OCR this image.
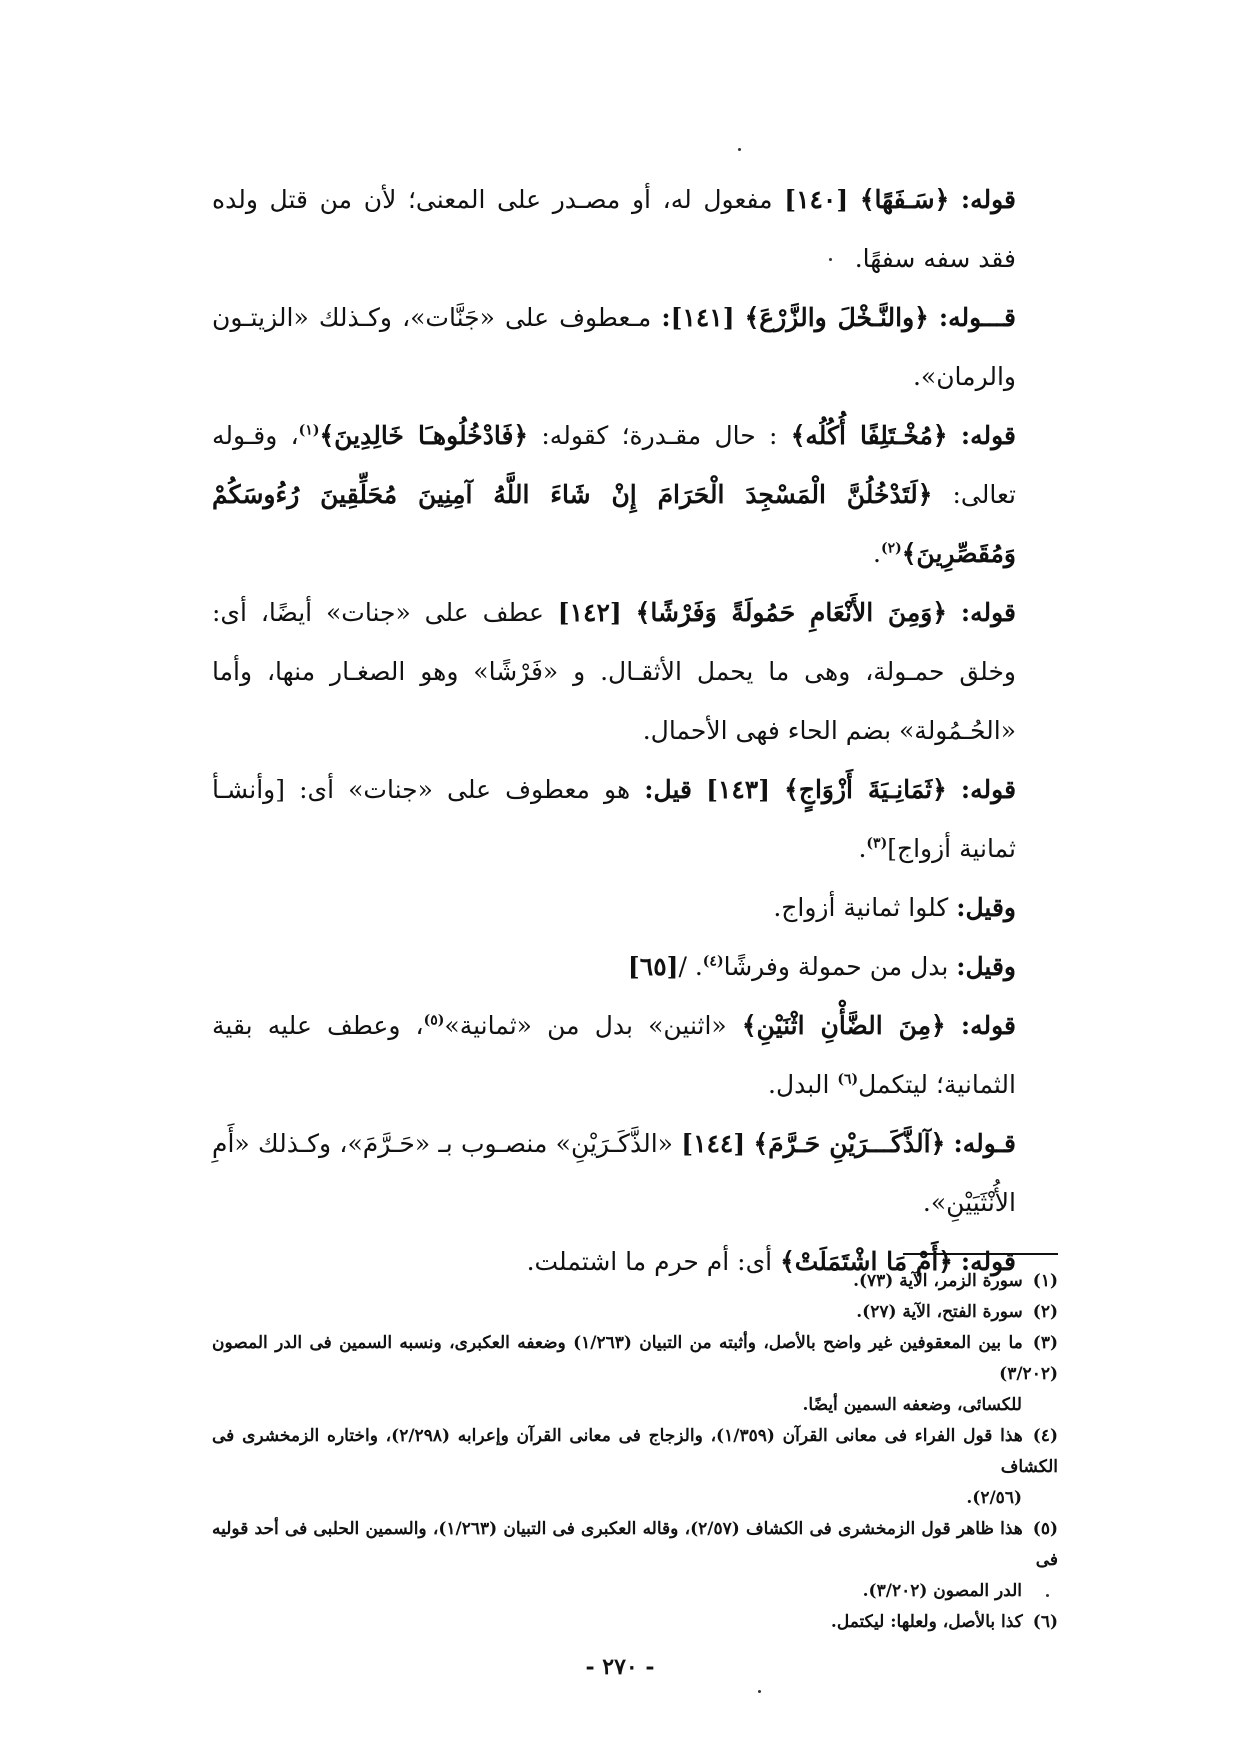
قوله: ﴿سَـفَهًا﴾ [١٤٠] مفعول له، أو مصـدر على المعنى؛ لأن من قتل ولده فقد سفه سفهًا.

قـــوله: ﴿والنَّـخْلَ والزَّرْعَ﴾ [١٤١]: مـعطوف على «جَنَّات»، وكـذلك «الزيتـون والرمان».

قوله: ﴿مُخْـتَلِفًا أُكُلُه﴾ : حال مقـدرة؛ كقوله: ﴿فَادْخُلُوهـَا خَالِدِينَ﴾$^{(١)}$، وقـوله تعالى: ﴿لَتَدْخُلُنَّ الْمَسْجِدَ الْحَرَامَ إِنْ شَاءَ اللَّهُ آمِنِينَ مُحَلِّقِينَ رُءُوسَكُمْ وَمُقَصِّرِينَ﴾$^{(٢)}$.

قوله: ﴿وَمِنَ الأَنْعَامِ حَمُولَةً وَفَرْشًا﴾ [١٤٢] عطف على «جنات» أيضًا، أى: وخلق حمـولة، وهى ما يحمل الأثقـال. و «فَرْشًا» وهو الصغـار منها، وأما «الحُـمُولة» بضم الحاء فهى الأحمال.

قوله: ﴿ثَمَانِـيَةَ أَزْوَاجٍ﴾ [١٤٣] قيل: هو معطوف على «جنات» أى: [وأنشـأ ثمانية أزواج]$^{(٣)}$.

وقيل: كلوا ثمانية أزواج.

وقيل: بدل من حمولة وفرشًا$^{(٤)}$. /[٦٥]

قوله: ﴿مِنَ الضَّأْنِ اثْنَيْنِ﴾ «اثنين» بدل من «ثمانية»$^{(٥)}$، وعطف عليه بقية الثمانية؛ ليتكمل$^{(٦)}$ البدل.

قـوله: ﴿آلذَّكَـــرَيْنِ حَـرَّمَ﴾ [١٤٤] «الذَّكَـرَيْنِ» منصـوب بـ «حَـرَّمَ»، وكـذلك «أَمِ الأُنْثَيَيْنِ».

قوله: ﴿أَمْ مَا اشْتَمَلَتْ﴾ أى: أم حرم ما اشتملت.

(١)سورة الزمر، الآية (٧٣).

(٢)سورة الفتح، الآية (٢٧).

(٣)ما بين المعقوفين غير واضح بالأصل، وأثبته من التبيان (١/٢٦٣) وضعفه العكبرى، ونسبه السمين فى الدر المصون (٣/٢٠٢)
للكسائى، وضعفه السمين أيضًا.

(٤)هذا قول الفراء فى معانى القرآن (١/٣٥٩)، والزجاج فى معانى القرآن وإعرابه (٢/٢٩٨)، واختاره الزمخشرى فى الكشاف
(٢/٥٦).

(٥)هذا ظاهر قول الزمخشرى فى الكشاف (٢/٥٧)، وقاله العكبرى فى التبيان (١/٢٦٣)، والسمين الحلبى فى أحد قوليه فى
الدر المصون (٣/٢٠٢).

(٦)كذا بالأصل، ولعلها: ليكتمل.

- ٢٧٠ -
